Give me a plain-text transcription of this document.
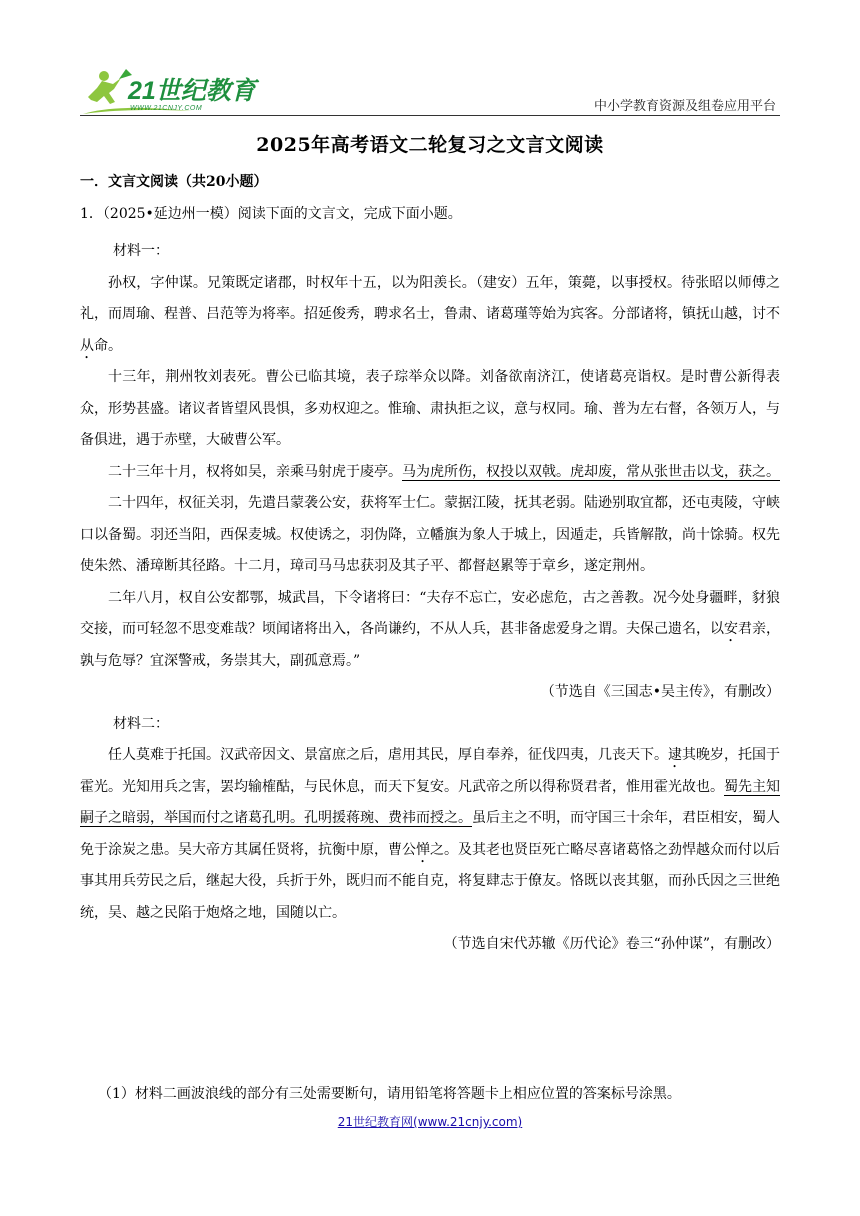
21世纪教育
WWW.21CNJY.COM	中小学教育资源及组卷应用平台
2025年高考语文二轮复习之文言文阅读
一．文言文阅读（共20小题）
1．（2025•延边州一模）阅读下面的文言文，完成下面小题。

材料一：

孙权，字仲谋。兄策既定诸郡，时权年十五，以为阳羡长。（建安）五年，策薨，以事授权。待张昭以师傅之礼，而周瑜、程普、吕范等为将率。招延俊秀，聘求名士，鲁肃、诸葛瑾等始为宾客。分部诸将，镇抚山越，讨不从命。

十三年，荆州牧刘表死。曹公已临其境，表子琮举众以降。刘备欲南济江，使诸葛亮诣权。是时曹公新得表众，形势甚盛。诸议者皆望风畏惧，多劝权迎之。惟瑜、肃执拒之议，意与权同。瑜、普为左右督，各领万人，与备俱进，遇于赤壁，大破曹公军。

二十三年十月，权将如吴，亲乘马射虎于庱亭。马为虎所伤，权投以双戟。虎却废，常从张世击以戈，获之。

二十四年，权征关羽，先遣吕蒙袭公安，获将军士仁。蒙据江陵，抚其老弱。陆逊别取宜都，还屯夷陵，守峡口以备蜀。羽还当阳，西保麦城。权使诱之，羽伪降，立幡旗为象人于城上，因遁走，兵皆解散，尚十馀骑。权先使朱然、潘璋断其径路。十二月，璋司马马忠获羽及其子平、都督赵累等于章乡，遂定荆州。

二年八月，权自公安都鄂，城武昌，下令诸将曰：“夫存不忘亡，安必虑危，古之善教。况今处身疆畔，豺狼交接，而可轻忽不思变难哉？顷闻诸将出入，各尚谦约，不从人兵，甚非备虑爱身之谓。夫保己遗名，以安君亲，孰与危辱？宜深警戒，务崇其大，副孤意焉。”

（节选自《三国志•吴主传》，有删改）

材料二：

任人莫难于托国。汉武帝因文、景富庶之后，虐用其民，厚自奉养，征伐四夷，几丧天下。逮其晚岁，托国于霍光。光知用兵之害，罢均输榷酤，与民休息，而天下复安。凡武帝之所以得称贤君者，惟用霍光故也。蜀先主知嗣子之暗弱，举国而付之诸葛孔明。孔明援蒋琬、费祎而授之。虽后主之不明，而守国三十余年，君臣相安，蜀人免于涂炭之患。吴大帝方其属任贤将，抗衡中原，曹公惮之。及其老也贤臣死亡略尽喜诸葛恪之劲悍越众而付以后事其用兵劳民之后，继起大役，兵折于外，既归而不能自克，将复肆志于僚友。恪既以丧其躯，而孙氏因之三世绝统，吴、越之民陷于炮烙之地，国随以亡。

（节选自宋代苏辙《历代论》卷三“孙仲谋”，有删改）

（1）材料二画波浪线的部分有三处需要断句，请用铅笔将答题卡上相应位置的答案标号涂黑。
21世纪教育网(www.21cnjy.com)
